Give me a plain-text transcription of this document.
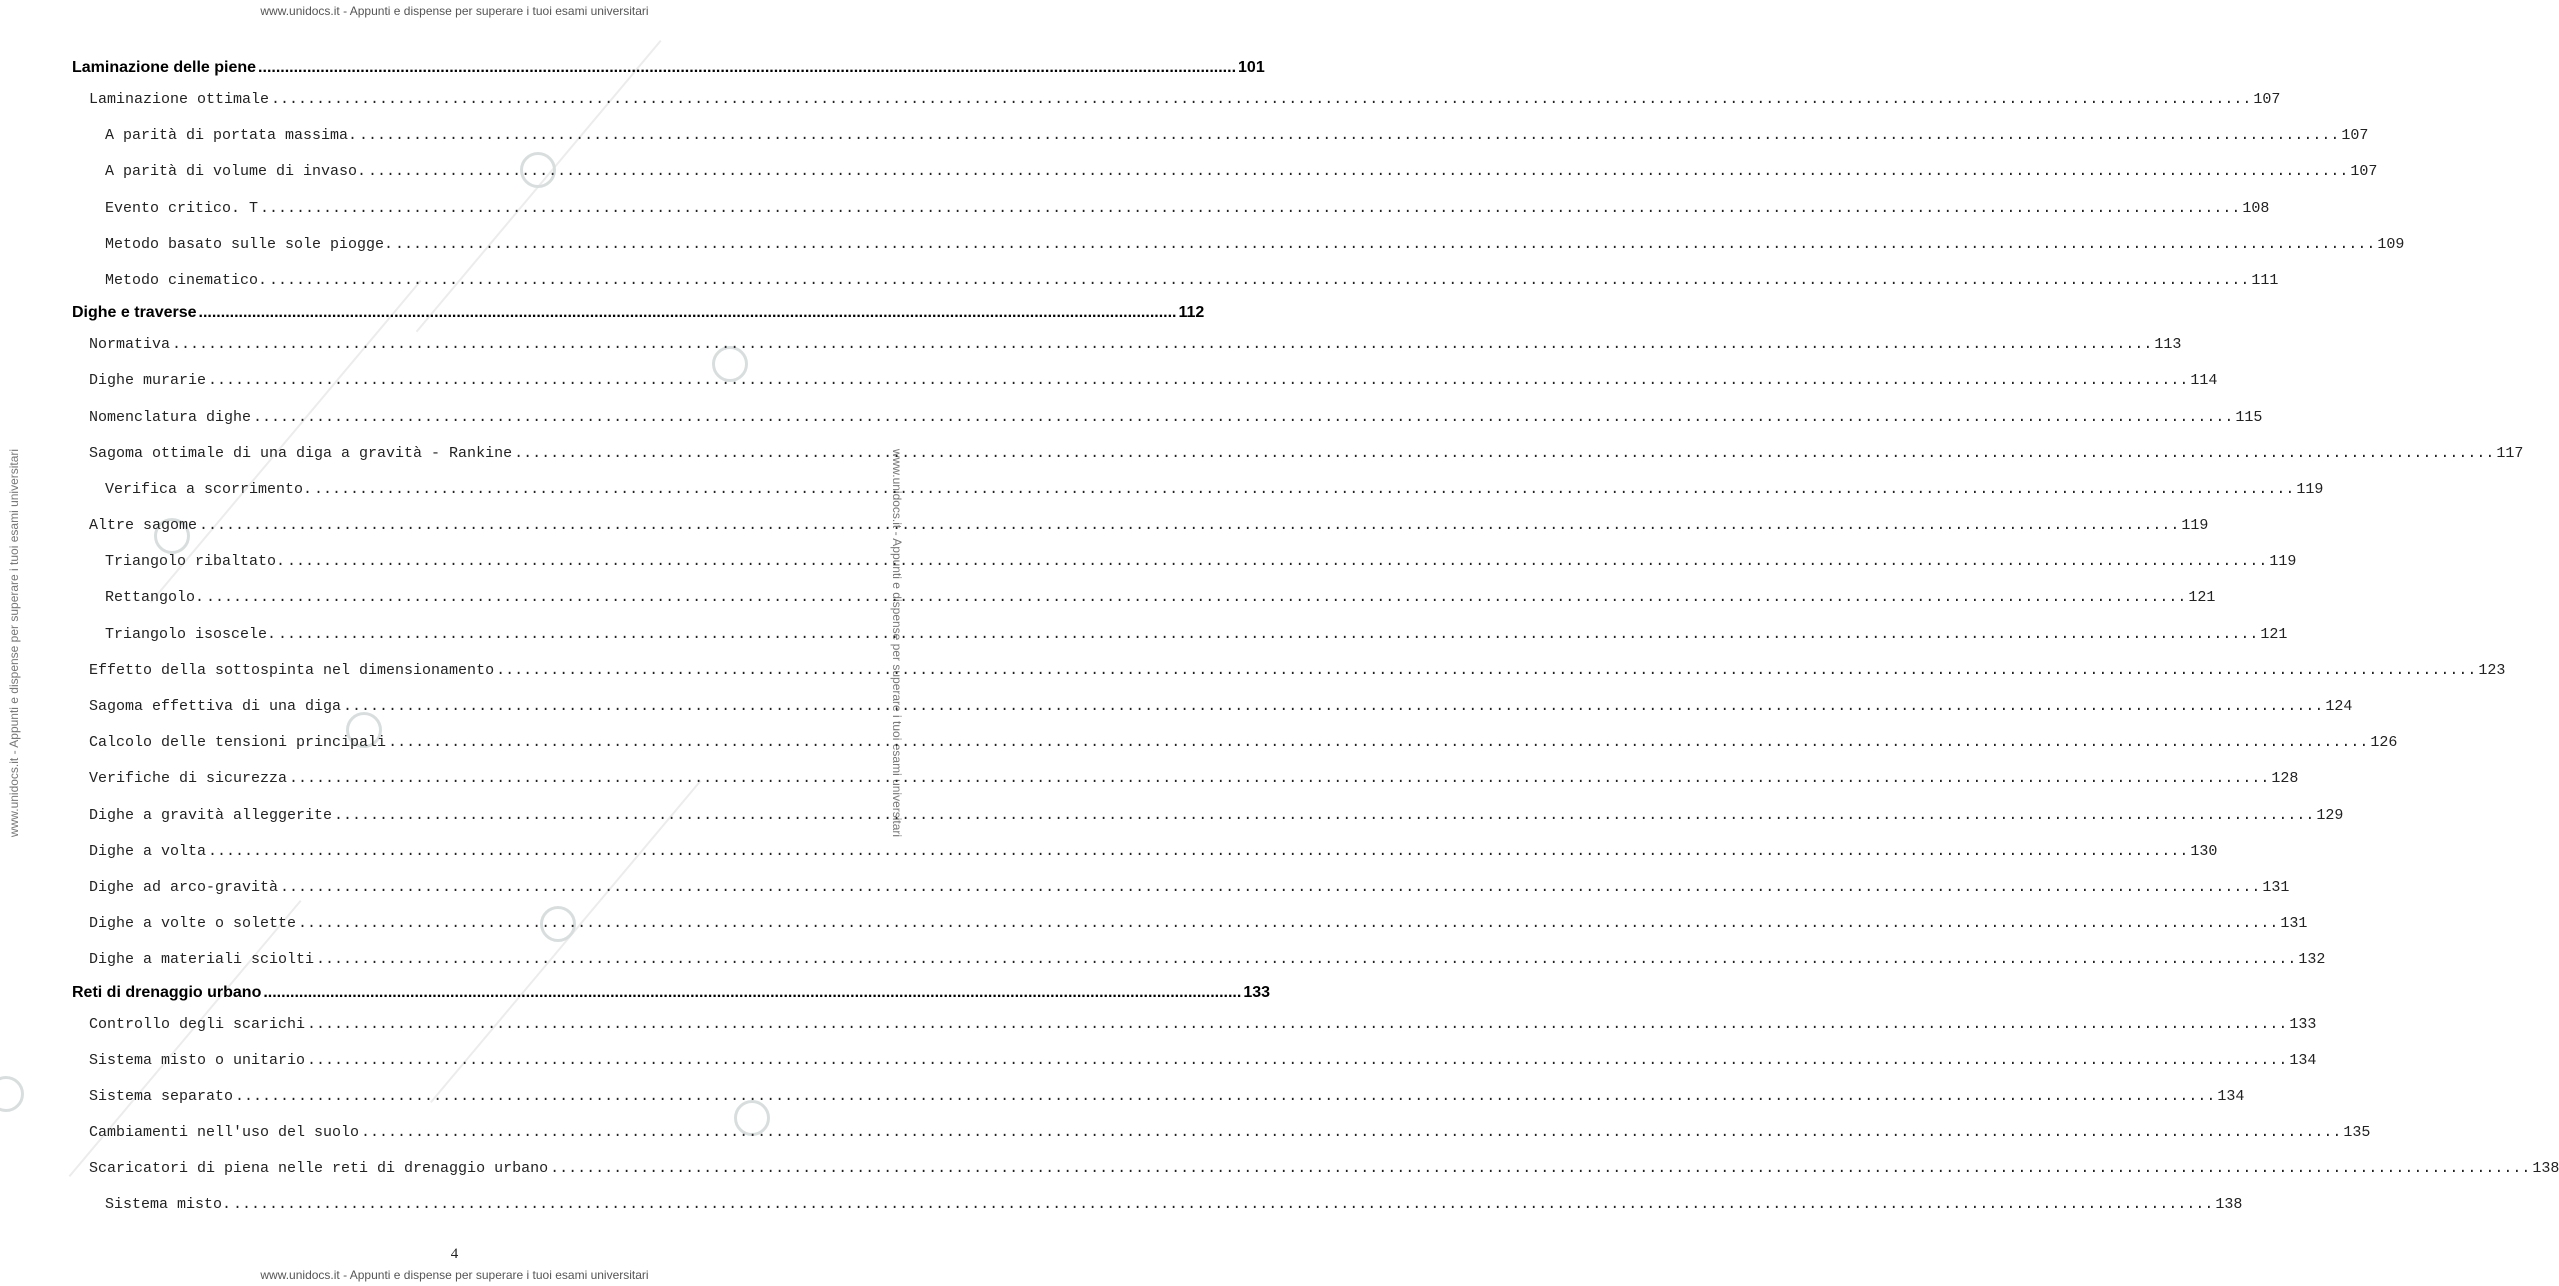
www.unidocs.it - Appunti e dispense per superare i tuoi esami universitari
www.unidocs.it - Appunti e dispense per superare i tuoi esami universitari
www.unidocs.it - Appunti e dispense per superare i tuoi esami universitari	www.unidocs.it - Appunti e dispense per superare i tuoi esami universitari
Laminazione delle piene ............................................................................................................................................................................................................................ 101
Laminazione ottimale ............................................................................................................................................................................................................................ 107
A parità di portata massima. ............................................................................................................................................................................................................................ 107
A parità di volume di invaso. ............................................................................................................................................................................................................................ 107
Evento critico. T ............................................................................................................................................................................................................................ 108
Metodo basato sulle sole piogge. ............................................................................................................................................................................................................................ 109
Metodo cinematico. ............................................................................................................................................................................................................................ 111
Dighe e traverse ............................................................................................................................................................................................................................ 112
Normativa ............................................................................................................................................................................................................................ 113
Dighe murarie ............................................................................................................................................................................................................................ 114
Nomenclatura dighe ............................................................................................................................................................................................................................ 115
Sagoma ottimale di una diga a gravità - Rankine ............................................................................................................................................................................................................................ 117
Verifica a scorrimento. ............................................................................................................................................................................................................................ 119
Altre sagome ............................................................................................................................................................................................................................ 119
Triangolo ribaltato. ............................................................................................................................................................................................................................ 119
Rettangolo. ............................................................................................................................................................................................................................ 121
Triangolo isoscele. ............................................................................................................................................................................................................................ 121
Effetto della sottospinta nel dimensionamento ............................................................................................................................................................................................................................ 123
Sagoma effettiva di una diga ............................................................................................................................................................................................................................ 124
Calcolo delle tensioni principali ............................................................................................................................................................................................................................ 126
Verifiche di sicurezza ............................................................................................................................................................................................................................ 128
Dighe a gravità alleggerite ............................................................................................................................................................................................................................ 129
Dighe a volta ............................................................................................................................................................................................................................ 130
Dighe ad arco-gravità ............................................................................................................................................................................................................................ 131
Dighe a volte o solette ............................................................................................................................................................................................................................ 131
Dighe a materiali sciolti ............................................................................................................................................................................................................................ 132
Reti di drenaggio urbano ............................................................................................................................................................................................................................ 133
Controllo degli scarichi ............................................................................................................................................................................................................................ 133
Sistema misto o unitario ............................................................................................................................................................................................................................ 134
Sistema separato ............................................................................................................................................................................................................................ 134
Cambiamenti nell'uso del suolo ............................................................................................................................................................................................................................ 135
Scaricatori di piena nelle reti di drenaggio urbano ............................................................................................................................................................................................................................ 138
Sistema misto. ............................................................................................................................................................................................................................ 138
4
